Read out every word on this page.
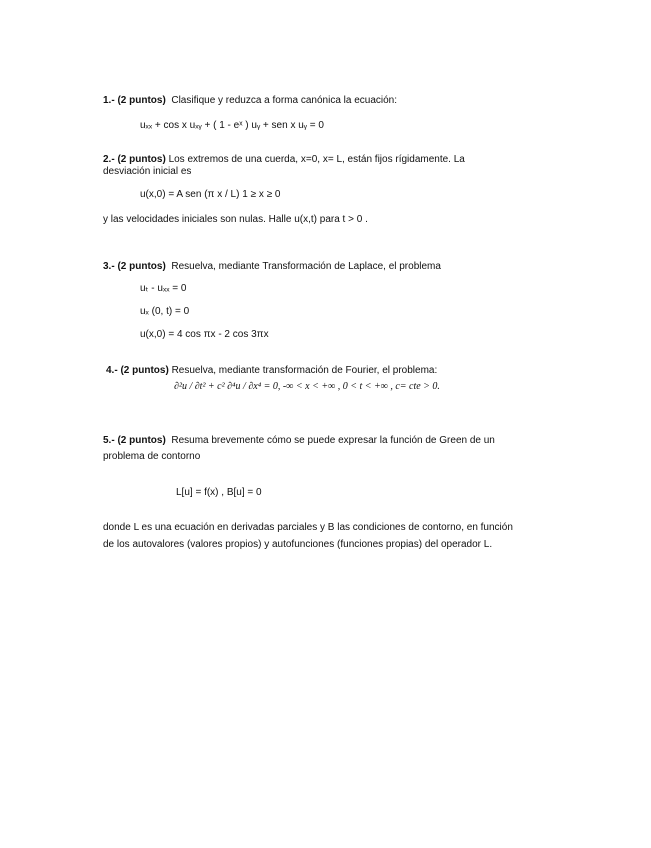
1.- (2 puntos) Clasifique y reduzca a forma canónica la ecuación:
uₓₓ + cos x uₓᵧ + ( 1 - eˣ ) uᵧ + sen x uᵧ = 0
2.- (2 puntos) Los extremos de una cuerda, x=0, x= L, están fijos rígidamente. La
desviación inicial es
u(x,0) = A sen (π x / L) 1 ≥ x ≥ 0
y las velocidades iniciales son nulas. Halle u(x,t) para t > 0 .
3.- (2 puntos) Resuelva, mediante Transformación de Laplace, el problema
uₜ - uₓₓ = 0
uₓ (0, t) = 0
u(x,0) = 4 cos πx - 2 cos 3πx
4.- (2 puntos) Resuelva, mediante transformación de Fourier, el problema:
∂²u / ∂t² + c² ∂⁴u / ∂x⁴ = 0, -∞ < x < +∞ , 0 < t < +∞ , c= cte > 0.
5.- (2 puntos) Resuma brevemente cómo se puede expresar la función de Green de un
problema de contorno
L[u] = f(x) , B[u] = 0
donde L es una ecuación en derivadas parciales y B las condiciones de contorno, en función
de los autovalores (valores propios) y autofunciones (funciones propias) del operador L.
